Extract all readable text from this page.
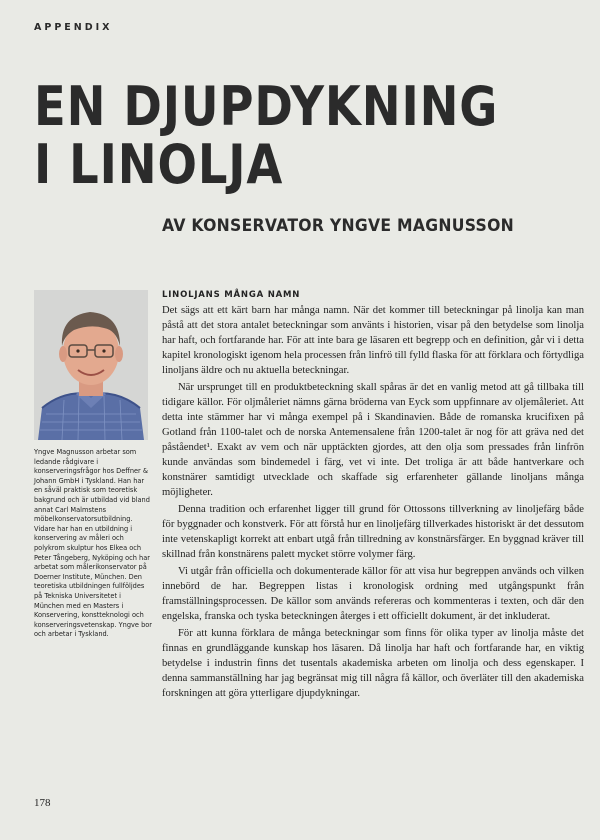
APPENDIX
EN DJUPDYKNING
I LINOLJA
AV KONSERVATOR YNGVE MAGNUSSON
Yngve Magnusson arbetar som ledande rådgivare i konserveringsfrågor hos Deffner & Johann GmbH i Tyskland. Han har en såväl praktisk som teoretisk bakgrund och är utbildad vid bland annat Carl Malmstens möbelkonservatorsutbildning. Vidare har han en utbildning i konservering av måleri och polykrom skulptur hos Elkea och Peter Tångeberg, Nyköping och har arbetat som målerikonservator på Doerner Institute, München. Den teoretiska utbildningen fullföljdes på Tekniska Universitetet i München med en Masters i Konservering, konstteknologi och konserveringsvetenskap. Yngve bor och arbetar i Tyskland.
LINOLJANS MÅNGA NAMN

Det sägs att ett kärt barn har många namn. När det kommer till beteckningar på linolja kan man påstå att det stora antalet beteckningar som använts i historien, visar på den betydelse som linolja har haft, och fortfarande har. För att inte bara ge läsaren ett begrepp och en definition, går vi i detta kapitel kronologiskt igenom hela processen från linfrö till fylld flaska för att förklara och förtydliga linoljans äldre och nu aktuella beteckningar.

När ursprunget till en produktbeteckning skall spåras är det en vanlig metod att gå tillbaka till tidigare källor. För oljmåleriet nämns gärna bröderna van Eyck som uppfinnare av oljemåleriet. Att detta inte stämmer har vi många exempel på i Skandinavien. Både de romanska krucifixen på Gotland från 1100-talet och de norska Antemensalene från 1200-talet är nog för att gräva ned det påståendet¹. Exakt av vem och när upptäckten gjordes, att den olja som pressades från linfrön kunde användas som bindemedel i färg, vet vi inte. Det troliga är att både hantverkare och konstnärer samtidigt utvecklade och skaffade sig erfarenheter gällande linoljans många möjligheter.

Denna tradition och erfarenhet ligger till grund för Ottossons tillverkning av linoljefärg både för byggnader och konstverk. För att förstå hur en linoljefärg tillverkades historiskt är det dessutom inte vetenskapligt korrekt att enbart utgå från tillredning av konstnärsfärger. En byggnad kräver till skillnad från konstnärens palett mycket större volymer färg.

Vi utgår från officiella och dokumenterade källor för att visa hur begreppen används och vilken innebörd de har. Begreppen listas i kronologisk ordning med utgångspunkt från framställningsprocessen. De källor som används refereras och kommenteras i texten, och där den engelska, franska och tyska beteckningen återges i ett officiellt dokument, är det inkluderat.

För att kunna förklara de många beteckningar som finns för olika typer av linolja måste det finnas en grundläggande kunskap hos läsaren. Då linolja har haft och fortfarande har, en viktig betydelse i industrin finns det tusentals akademiska arbeten om linolja och dess egenskaper. I denna sammanställning har jag begränsat mig till några få källor, och överläter till den akademiska forskningen att göra ytterligare djupdykningar.

178
